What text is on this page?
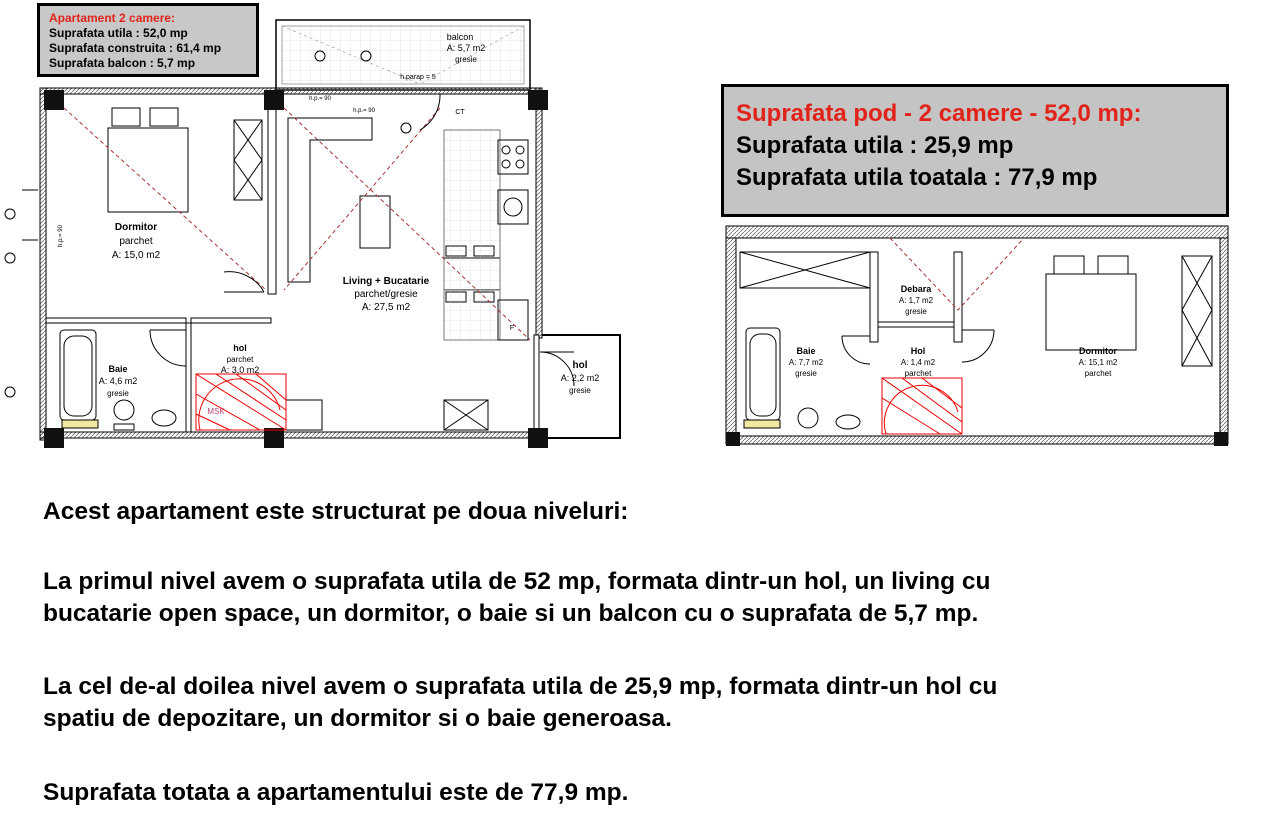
balcon
A: 5,7 m2
gresie
Dormitor
parchet
A: 15,0 m2
Living + Bucatarie
parchet/gresie
A: 27,5 m2
Baie
A: 4,6 m2
gresie
hol
parchet
A: 3,0 m2	hol
A: 2,2 m2
gresie
h.parap = 5
h.p.= 90
h.p.= 90
h.p.= 90
CT
F
MSK
Debara
A: 1,7 m2
gresie
Baie
A: 7,7 m2
gresie
Hol
A: 1,4 m2
parchet
Dormitor
A: 15,1 m2
parchet
Apartament 2 camere:
Suprafata utila : 52,0 mp
Suprafata construita : 61,4 mp
Suprafata balcon : 5,7 mp
Suprafata pod - 2 camere - 52,0 mp:
Suprafata utila : 25,9 mp
Suprafata utila toatala : 77,9 mp
Acest apartament este structurat pe doua niveluri:
La primul nivel avem o suprafata utila de 52 mp, formata dintr-un hol, un living cu
bucatarie open space, un dormitor, o baie si un balcon cu o suprafata de 5,7 mp.
La cel de-al doilea nivel avem o suprafata utila de 25,9 mp, formata dintr-un hol cu
spatiu de depozitare, un dormitor si o baie generoasa.
Suprafata totata a apartamentului este de 77,9 mp.
